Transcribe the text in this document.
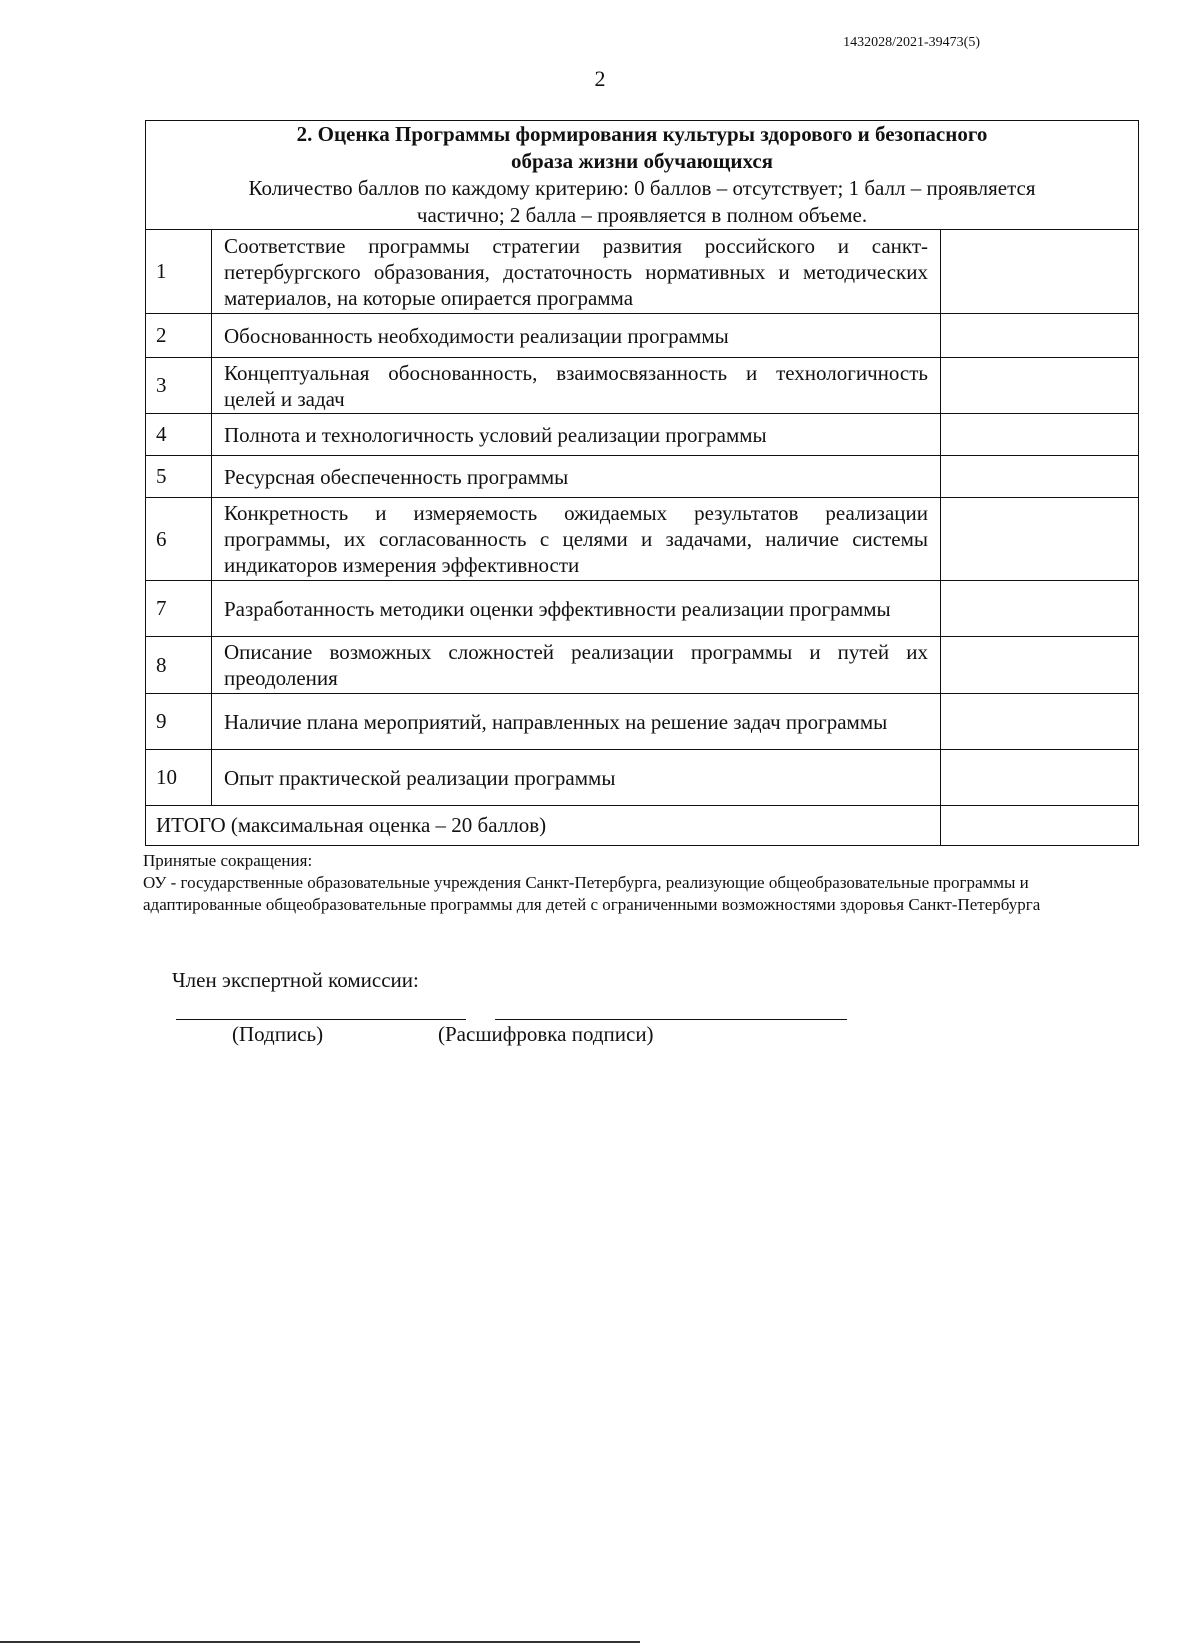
1432028/2021-39473(5)
2
2. Оценка Программы формирования культуры здорового и безопасного
образа жизни обучающихся
Количество баллов по каждому критерию: 0 баллов – отсутствует; 1 балл – проявляется
частично; 2 балла – проявляется в полном объеме.		

1	Соответствие программы стратегии развития российского и санкт-петербургского образования, достаточность нормативных и методических материалов, на которые опирается программа	
2	Обоснованность необходимости реализации программы	
3	Концептуальная обоснованность, взаимосвязанность и технологичность целей и задач	
4	Полнота и технологичность условий реализации программы	
5	Ресурсная обеспеченность программы	
6	Конкретность и измеряемость ожидаемых результатов реализации программы, их согласованность с целями и задачами, наличие системы индикаторов измерения эффективности	
7	Разработанность методики оценки эффективности реализации программы	
8	Описание возможных сложностей реализации программы и путей их преодоления	
9	Наличие плана мероприятий, направленных на решение задач программы	
10	Опыт практической реализации программы	
ИТОГО (максимальная оценка – 20 баллов)		
Принятые сокращения:
ОУ - государственные образовательные учреждения Санкт-Петербурга, реализующие общеобразовательные программы и адаптированные общеобразовательные программы для детей с ограниченными возможностями здоровья Санкт-Петербурга
Член экспертной комиссии:
(Подпись)	(Расшифровка подписи)
